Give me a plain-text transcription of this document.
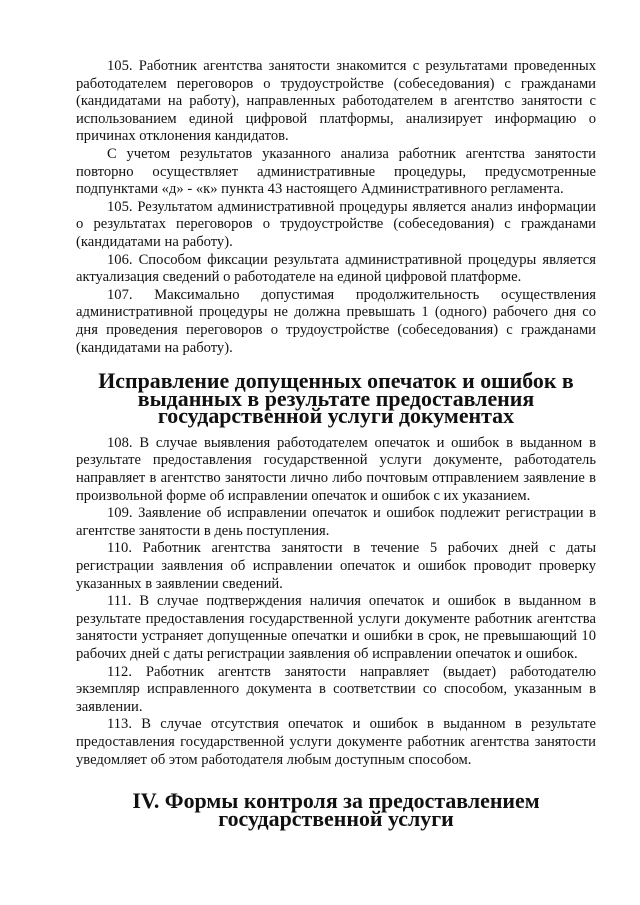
105. Работник агентства занятости знакомится с результатами проведенных работодателем переговоров о трудоустройстве (собеседования) с гражданами (кандидатами на работу), направленных работодателем в агентство занятости с использованием единой цифровой платформы, анализирует информацию о причинах отклонения кандидатов.

С учетом результатов указанного анализа работник агентства занятости повторно осуществляет административные процедуры, предусмотренные подпунктами «д» - «к» пункта 43 настоящего Административного регламента.

105. Результатом административной процедуры является анализ информации о результатах переговоров о трудоустройстве (собеседования) с гражданами (кандидатами на работу).

106. Способом фиксации результата административной процедуры является актуализация сведений о работодателе на единой цифровой платформе.

107. Максимально допустимая продолжительность осуществления административной процедуры не должна превышать 1 (одного) рабочего дня со дня проведения переговоров о трудоустройстве (собеседования) с гражданами (кандидатами на работу).

Исправление допущенных опечаток и ошибок в выданных в результате предоставления государственной услуги документах

108. В случае выявления работодателем опечаток и ошибок в выданном в результате предоставления государственной услуги документе, работодатель направляет в агентство занятости лично либо почтовым отправлением заявление в произвольной форме об исправлении опечаток и ошибок с их указанием.

109. Заявление об исправлении опечаток и ошибок подлежит регистрации в агентстве занятости в день поступления.

110. Работник агентства занятости в течение 5 рабочих дней с даты регистрации заявления об исправлении опечаток и ошибок проводит проверку указанных в заявлении сведений.

111. В случае подтверждения наличия опечаток и ошибок в выданном в результате предоставления государственной услуги документе работник агентства занятости устраняет допущенные опечатки и ошибки в срок, не превышающий 10 рабочих дней с даты регистрации заявления об исправлении опечаток и ошибок.

112. Работник агентств занятости направляет (выдает) работодателю экземпляр исправленного документа в соответствии со способом, указанным в заявлении.

113. В случае отсутствия опечаток и ошибок в выданном в результате предоставления государственной услуги документе работник агентства занятости уведомляет об этом работодателя любым доступным способом.

IV. Формы контроля за предоставлением государственной услуги
